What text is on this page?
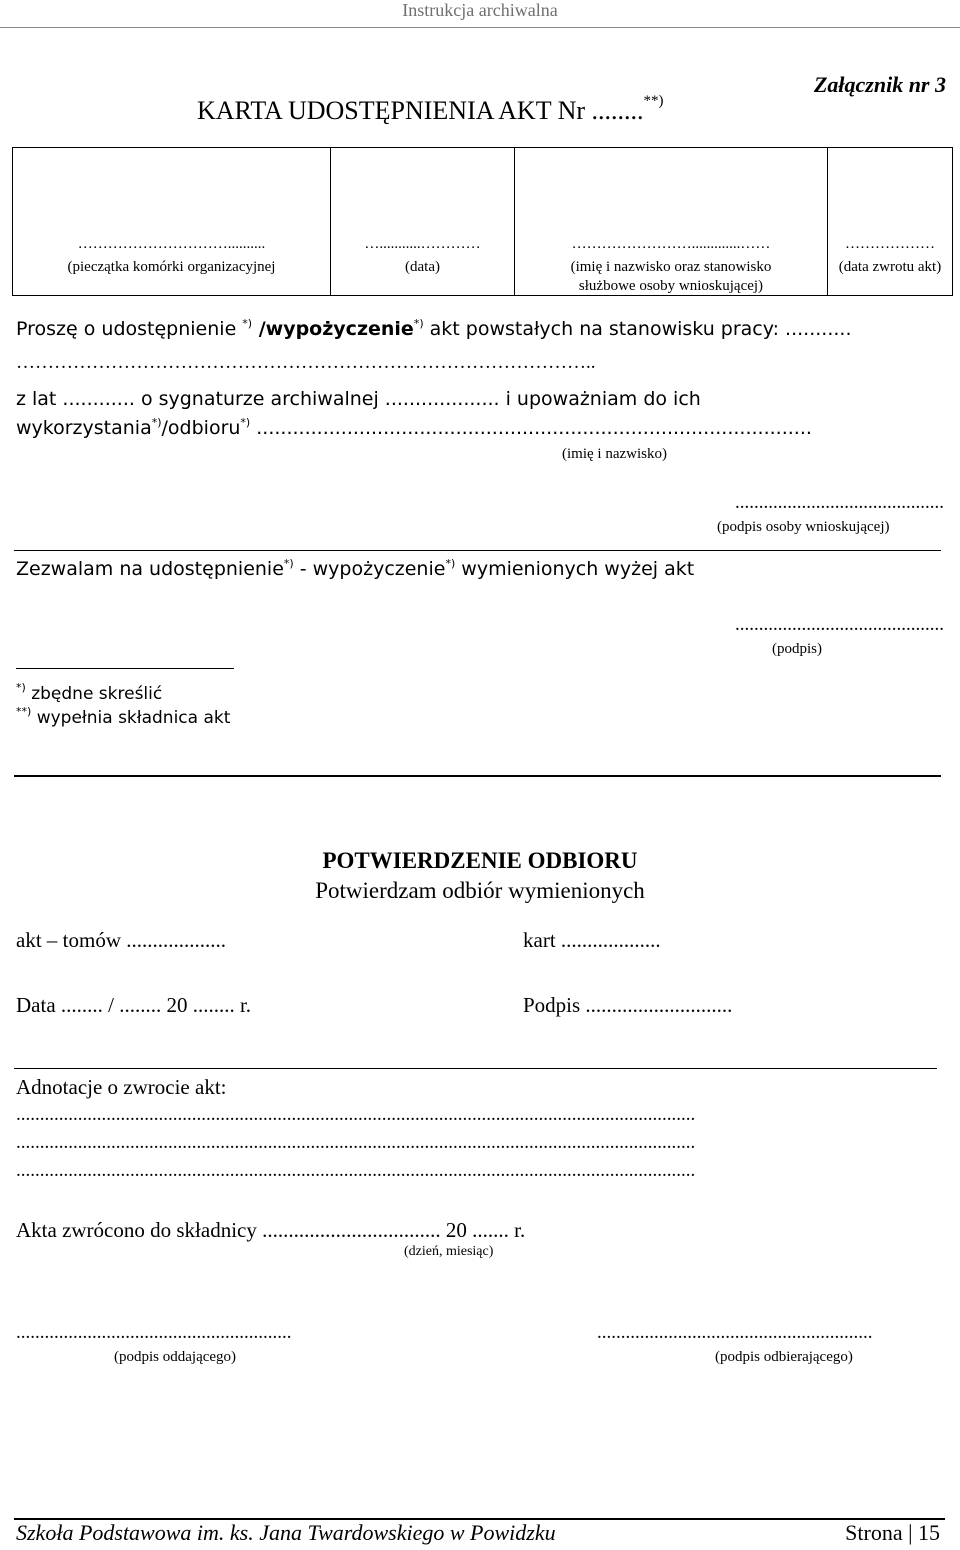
Instrukcja archiwalna
Załącznik nr 3
KARTA UDOSTĘPNIENIA AKT Nr ........**)
…………………………..........
(pieczątka komórki organizacyjnej
…...........…………
(data)
…………………….............……
(imię i nazwisko oraz stanowisko służbowe osoby wnioskującej)
………………
(data zwrotu akt)
Proszę o udostępnienie *) /wypożyczenie*) akt powstałych na stanowisku pracy: ...........
………………………………………………………………………………..
z lat ............ o sygnaturze archiwalnej ................... i upoważniam do ich
wykorzystania*)/odbioru*) ............................................................................................
(imię i nazwisko)
............................................
(podpis osoby wnioskującej)
Zezwalam na udostępnienie*) - wypożyczenie*) wymienionych wyżej akt
............................................
(podpis)
*) zbędne skreślić
**) wypełnia składnica akt
POTWIERDZENIE ODBIORU
Potwierdzam odbiór wymienionych
akt – tomów ...................	kart ...................
Data ........ / ........ 20 ........ r.	Podpis ............................
Adnotacje o zwrocie akt:
...............................................................................................................................................
...............................................................................................................................................
...............................................................................................................................................
Akta zwrócono do składnicy .................................. 20 ....... r.
(dzień, miesiąc)
..........................................................
(podpis oddającego)
..........................................................
(podpis odbierającego)
Szkoła Podstawowa im. ks. Jana Twardowskiego w Powidzku	Strona | 15
